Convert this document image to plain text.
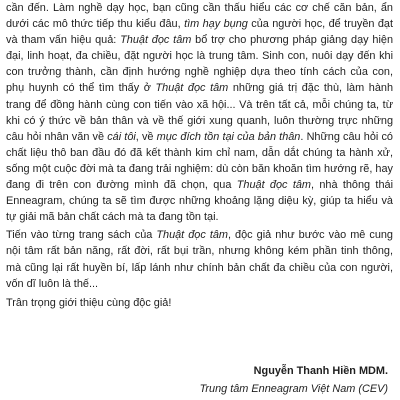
cần đến. Làm nghề dạy học, bạn cũng cần thấu hiểu các cơ chế căn bản, ẩn dưới các mô thức tiếp thu kiểu đâu, tìm hạy bụng của người học, để truyền đạt và tham vấn hiệu quả: Thuật đọc tâm bổ trợ cho phương pháp giảng dạy hiện đại, linh hoạt, đa chiều, đặt người học là trung tâm. Sinh con, nuôi dạy đến khi con trưởng thành, cần định hướng nghề nghiệp dựa theo tính cách của con, phụ huynh có thể tìm thấy ở Thuật đọc tâm những giá trị đặc thù, làm hành trang để đồng hành cùng con tiến vào xã hội... Và trên tất cả, mỗi chúng ta, từ khi có ý thức về bản thân và về thế giới xung quanh, luôn thường trực những câu hỏi nhân văn về cái tôi, về mục đích tồn tại của bản thân. Những câu hỏi có chất liệu thô ban đầu đó đã kết thành kim chỉ nam, dẫn dắt chúng ta hành xử, sống một cuộc đời mà ta đang trải nghiệm: dù còn băn khoăn tìm hướng rẽ, hay đang đi trên con đường mình đã chọn, qua Thuật đọc tâm, nhà thông thái Enneagram, chúng ta sẽ tìm được những khoảng lặng diệu kỳ, giúp ta hiểu và tự giải mã bản chất cách mà ta đang tồn tại.

Tiến vào từng trang sách của Thuật đọc tâm, độc giả như bước vào mê cung nội tâm rất bản năng, rất đời, rất bụi trần, nhưng không kém phần tinh thông, mà cũng lại rất huyền bí, lấp lánh như chính bản chất đa chiều của con người, vốn dĩ luôn là thế...

Trân trọng giới thiệu cùng độc giả!

Nguyễn Thanh Hiền MDM.
Trung tâm Enneagram Việt Nam (CEV)
